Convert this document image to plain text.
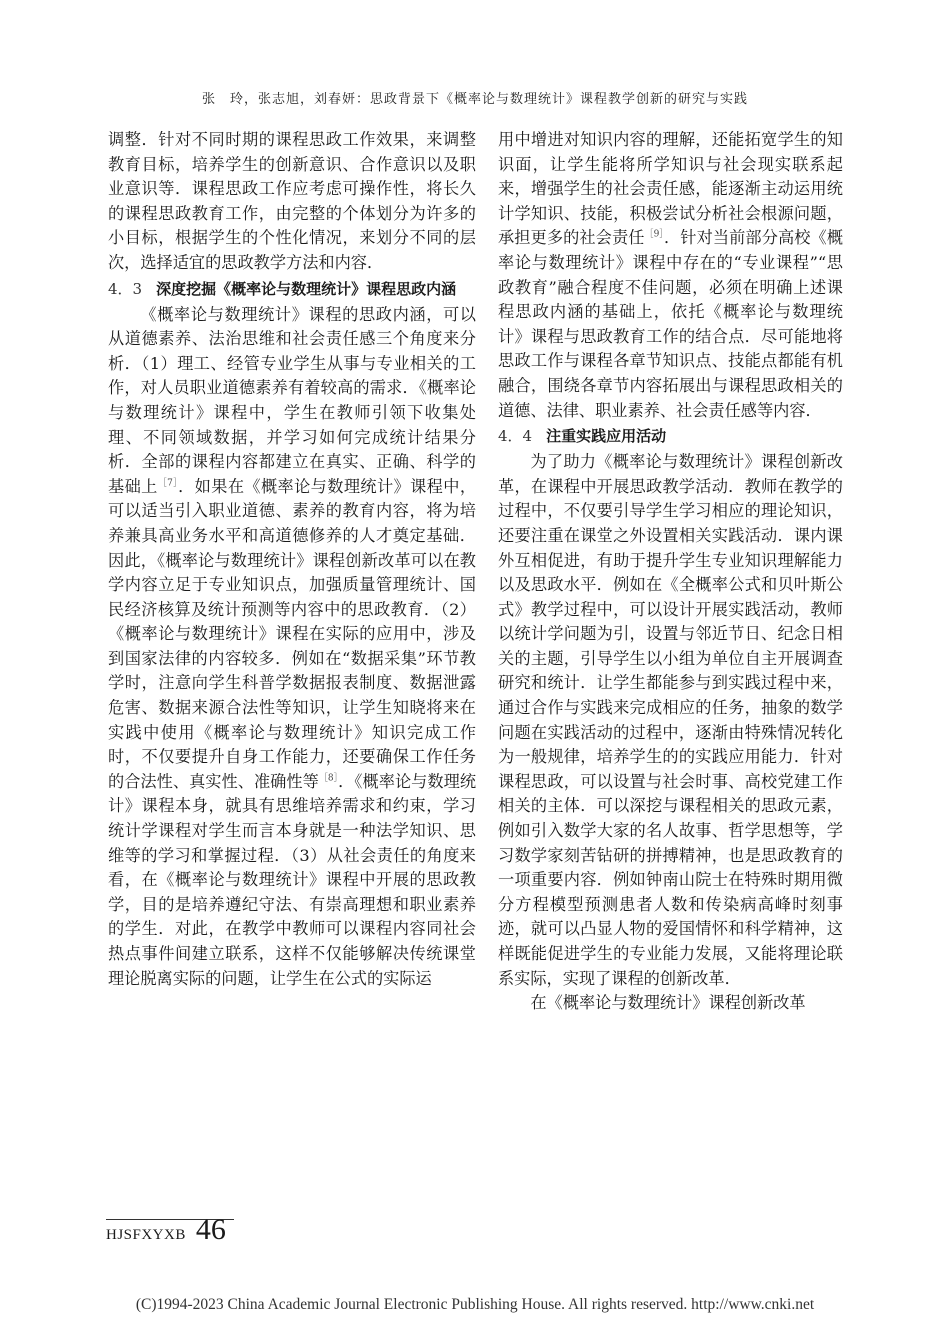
张　玲，张志旭，刘春妍：思政背景下《概率论与数理统计》课程教学创新的研究与实践

调整．针对不同时期的课程思政工作效果，来调整教育目标，培养学生的创新意识、合作意识以及职业意识等．课程思政工作应考虑可操作性，将长久的课程思政教育工作，由完整的个体划分为许多的小目标，根据学生的个性化情况，来划分不同的层次，选择适宜的思政教学方法和内容．

4．3 深度挖掘《概率论与数理统计》课程思政内涵

《概率论与数理统计》课程的思政内涵，可以从道德素养、法治思维和社会责任感三个角度来分析．（1）理工、经管专业学生从事与专业相关的工作，对人员职业道德素养有着较高的需求．《概率论与数理统计》课程中，学生在教师引领下收集处理、不同领域数据，并学习如何完成统计结果分析．全部的课程内容都建立在真实、正确、科学的基础上$^{[7]}$．如果在《概率论与数理统计》课程中，可以适当引入职业道德、素养的教育内容，将为培养兼具高业务水平和高道德修养的人才奠定基础．因此，《概率论与数理统计》课程创新改革可以在教学内容立足于专业知识点，加强质量管理统计、国民经济核算及统计预测等内容中的思政教育．（2）《概率论与数理统计》课程在实际的应用中，涉及到国家法律的内容较多．例如在“数据采集”环节教学时，注意向学生科普学数据报表制度、数据泄露危害、数据来源合法性等知识，让学生知晓将来在实践中使用《概率论与数理统计》知识完成工作时，不仅要提升自身工作能力，还要确保工作任务的合法性、真实性、准确性等$^{[8]}$．《概率论与数理统计》课程本身，就具有思维培养需求和约束，学习统计学课程对学生而言本身就是一种法学知识、思维等的学习和掌握过程．（3）从社会责任的角度来看，在《概率论与数理统计》课程中开展的思政教学，目的是培养遵纪守法、有崇高理想和职业素养的学生．对此，在教学中教师可以课程内容同社会热点事件间建立联系，这样不仅能够解决传统课堂理论脱离实际的问题，让学生在公式的实际运

用中增进对知识内容的理解，还能拓宽学生的知识面，让学生能将所学知识与社会现实联系起来，增强学生的社会责任感，能逐渐主动运用统计学知识、技能，积极尝试分析社会根源问题，承担更多的社会责任$^{[9]}$．针对当前部分高校《概率论与数理统计》课程中存在的“专业课程”“思政教育”融合程度不佳问题，必须在明确上述课程思政内涵的基础上，依托《概率论与数理统计》课程与思政教育工作的结合点．尽可能地将思政工作与课程各章节知识点、技能点都能有机融合，围绕各章节内容拓展出与课程思政相关的道德、法律、职业素养、社会责任感等内容．

4．4 注重实践应用活动

为了助力《概率论与数理统计》课程创新改革，在课程中开展思政教学活动．教师在教学的过程中，不仅要引导学生学习相应的理论知识，还要注重在课堂之外设置相关实践活动．课内课外互相促进，有助于提升学生专业知识理解能力以及思政水平．例如在《全概率公式和贝叶斯公式》教学过程中，可以设计开展实践活动，教师以统计学问题为引，设置与邻近节日、纪念日相关的主题，引导学生以小组为单位自主开展调查研究和统计．让学生都能参与到实践过程中来，通过合作与实践来完成相应的任务，抽象的数学问题在实践活动的过程中，逐渐由特殊情况转化为一般规律，培养学生的的实践应用能力．针对课程思政，可以设置与社会时事、高校党建工作相关的主体．可以深挖与课程相关的思政元素，例如引入数学大家的名人故事、哲学思想等，学习数学家刻苦钻研的拼搏精神，也是思政教育的一项重要内容．例如钟南山院士在特殊时期用微分方程模型预测患者人数和传染病高峰时刻事迹，就可以凸显人物的爱国情怀和科学精神，这样既能促进学生的专业能力发展，又能将理论联系实际，实现了课程的创新改革．

在《概率论与数理统计》课程创新改革

HJSFXYXB 46
(C)1994-2023 China Academic Journal Electronic Publishing House. All rights reserved. http://www.cnki.net
